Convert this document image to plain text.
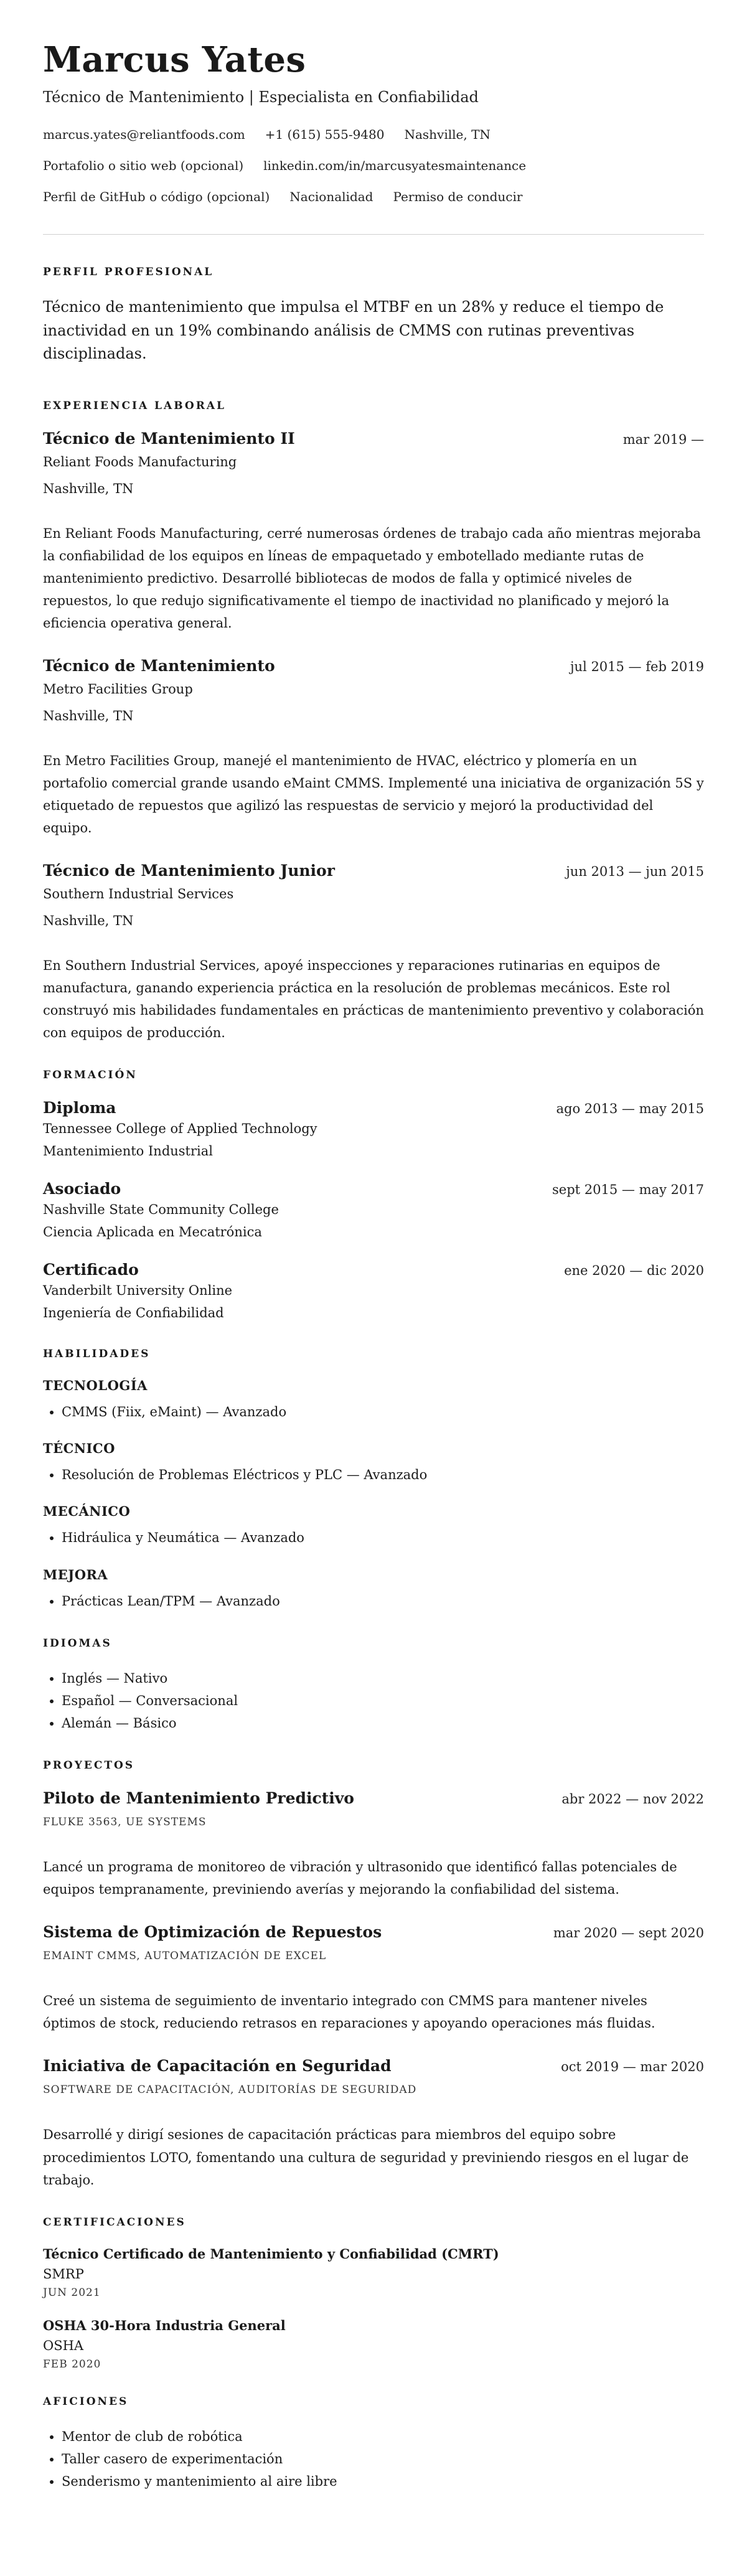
Marcus Yates
Técnico de Mantenimiento | Especialista en Confiabilidad
marcus.yates@reliantfoods.com +1 (615) 555-9480 Nashville, TN
Portafolio o sitio web (opcional) linkedin.com/in/marcusyatesmaintenance
Perfil de GitHub o código (opcional) Nacionalidad Permiso de conducir
PERFIL PROFESIONAL
Técnico de mantenimiento que impulsa el MTBF en un 28% y reduce el tiempo de inactividad en un 19% combinando análisis de CMMS con rutinas preventivas disciplinadas.
EXPERIENCIA LABORAL
Técnico de Mantenimiento II	mar 2019 —
Reliant Foods Manufacturing
Nashville, TN
En Reliant Foods Manufacturing, cerré numerosas órdenes de trabajo cada año mientras mejoraba la confiabilidad de los equipos en líneas de empaquetado y embotellado mediante rutas de mantenimiento predictivo. Desarrollé bibliotecas de modos de falla y optimicé niveles de repuestos, lo que redujo significativamente el tiempo de inactividad no planificado y mejoró la eficiencia operativa general.
Técnico de Mantenimiento	jul 2015 — feb 2019
Metro Facilities Group
Nashville, TN
En Metro Facilities Group, manejé el mantenimiento de HVAC, eléctrico y plomería en un portafolio comercial grande usando eMaint CMMS. Implementé una iniciativa de organización 5S y etiquetado de repuestos que agilizó las respuestas de servicio y mejoró la productividad del equipo.
Técnico de Mantenimiento Junior	jun 2013 — jun 2015
Southern Industrial Services
Nashville, TN
En Southern Industrial Services, apoyé inspecciones y reparaciones rutinarias en equipos de manufactura, ganando experiencia práctica en la resolución de problemas mecánicos. Este rol construyó mis habilidades fundamentales en prácticas de mantenimiento preventivo y colaboración con equipos de producción.
FORMACIÓN
Diploma	ago 2013 — may 2015
Tennessee College of Applied Technology
Mantenimiento Industrial
Asociado	sept 2015 — may 2017
Nashville State Community College
Ciencia Aplicada en Mecatrónica
Certificado	ene 2020 — dic 2020
Vanderbilt University Online
Ingeniería de Confiabilidad
HABILIDADES
TECNOLOGÍA
• CMMS (Fiix, eMaint) — Avanzado
TÉCNICO
• Resolución de Problemas Eléctricos y PLC — Avanzado
MECÁNICO
• Hidráulica y Neumática — Avanzado
MEJORA
• Prácticas Lean/TPM — Avanzado
IDIOMAS
• Inglés — Nativo
• Español — Conversacional
• Alemán — Básico
PROYECTOS
Piloto de Mantenimiento Predictivo	abr 2022 — nov 2022
FLUKE 3563, UE SYSTEMS
Lancé un programa de monitoreo de vibración y ultrasonido que identificó fallas potenciales de equipos tempranamente, previniendo averías y mejorando la confiabilidad del sistema.
Sistema de Optimización de Repuestos	mar 2020 — sept 2020
EMAINT CMMS, AUTOMATIZACIÓN DE EXCEL
Creé un sistema de seguimiento de inventario integrado con CMMS para mantener niveles óptimos de stock, reduciendo retrasos en reparaciones y apoyando operaciones más fluidas.
Iniciativa de Capacitación en Seguridad	oct 2019 — mar 2020
SOFTWARE DE CAPACITACIÓN, AUDITORÍAS DE SEGURIDAD
Desarrollé y dirigí sesiones de capacitación prácticas para miembros del equipo sobre procedimientos LOTO, fomentando una cultura de seguridad y previniendo riesgos en el lugar de trabajo.
CERTIFICACIONES
Técnico Certificado de Mantenimiento y Confiabilidad (CMRT)
SMRP
JUN 2021
OSHA 30-Hora Industria General
OSHA
FEB 2020
AFICIONES
• Mentor de club de robótica
• Taller casero de experimentación
• Senderismo y mantenimiento al aire libre
